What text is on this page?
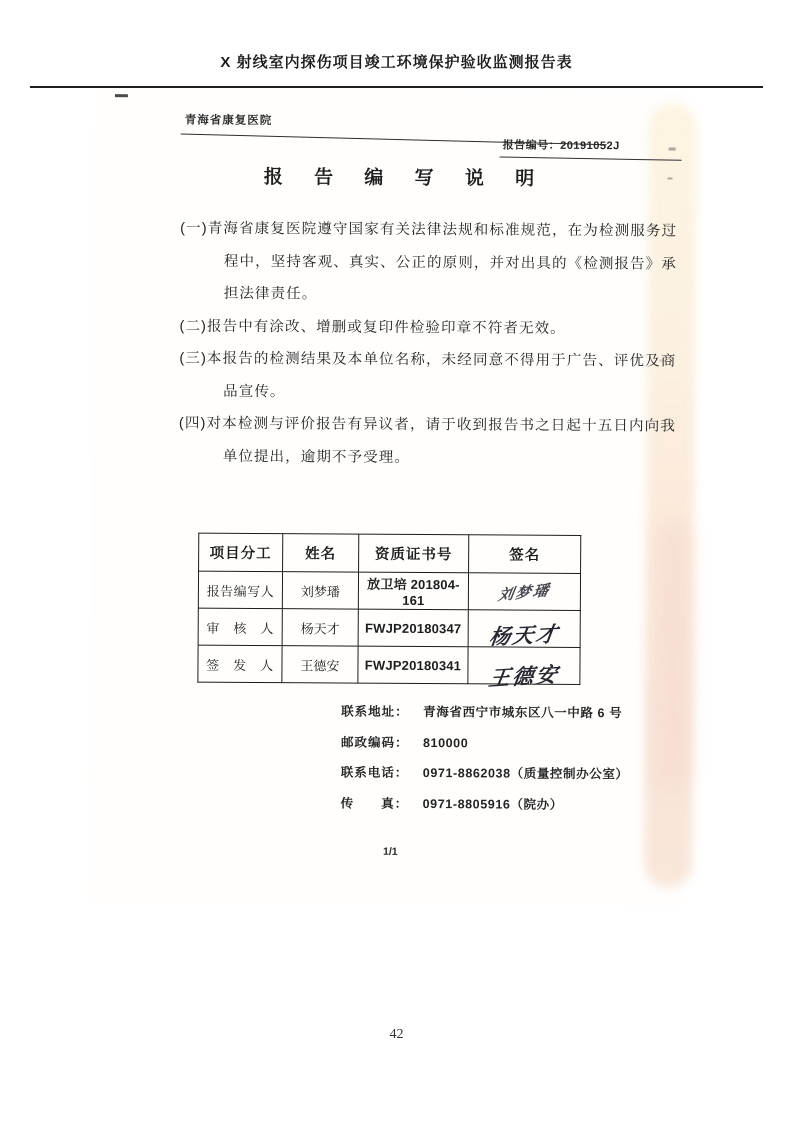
X 射线室内探伤项目竣工环境保护验收监测报告表
青海省康复医院
报告编号：20191052J
报 告 编 写 说 明
(一)青海省康复医院遵守国家有关法律法规和标准规范，在为检测服务过程中，坚持客观、真实、公正的原则，并对出具的《检测报告》承担法律责任。
(二)报告中有涂改、增删或复印件检验印章不符者无效。
(三)本报告的检测结果及本单位名称，未经同意不得用于广告、评优及商品宣传。
(四)对本检测与评价报告有异议者，请于收到报告书之日起十五日内向我单位提出，逾期不予受理。
项目分工	姓名	资质证书号	签名
报告编写人	刘梦璠	放卫培 201804-161	刘梦璠
审　核　人	杨天才	FWJP20180347	杨天才
签　发　人	王德安	FWJP20180341	王德安
联系地址：	青海省西宁市城东区八一中路 6 号
邮政编码：	810000
联系电话：	0971-8862038（质量控制办公室）
传　　真：	0971-8805916（院办）
1/1
42
